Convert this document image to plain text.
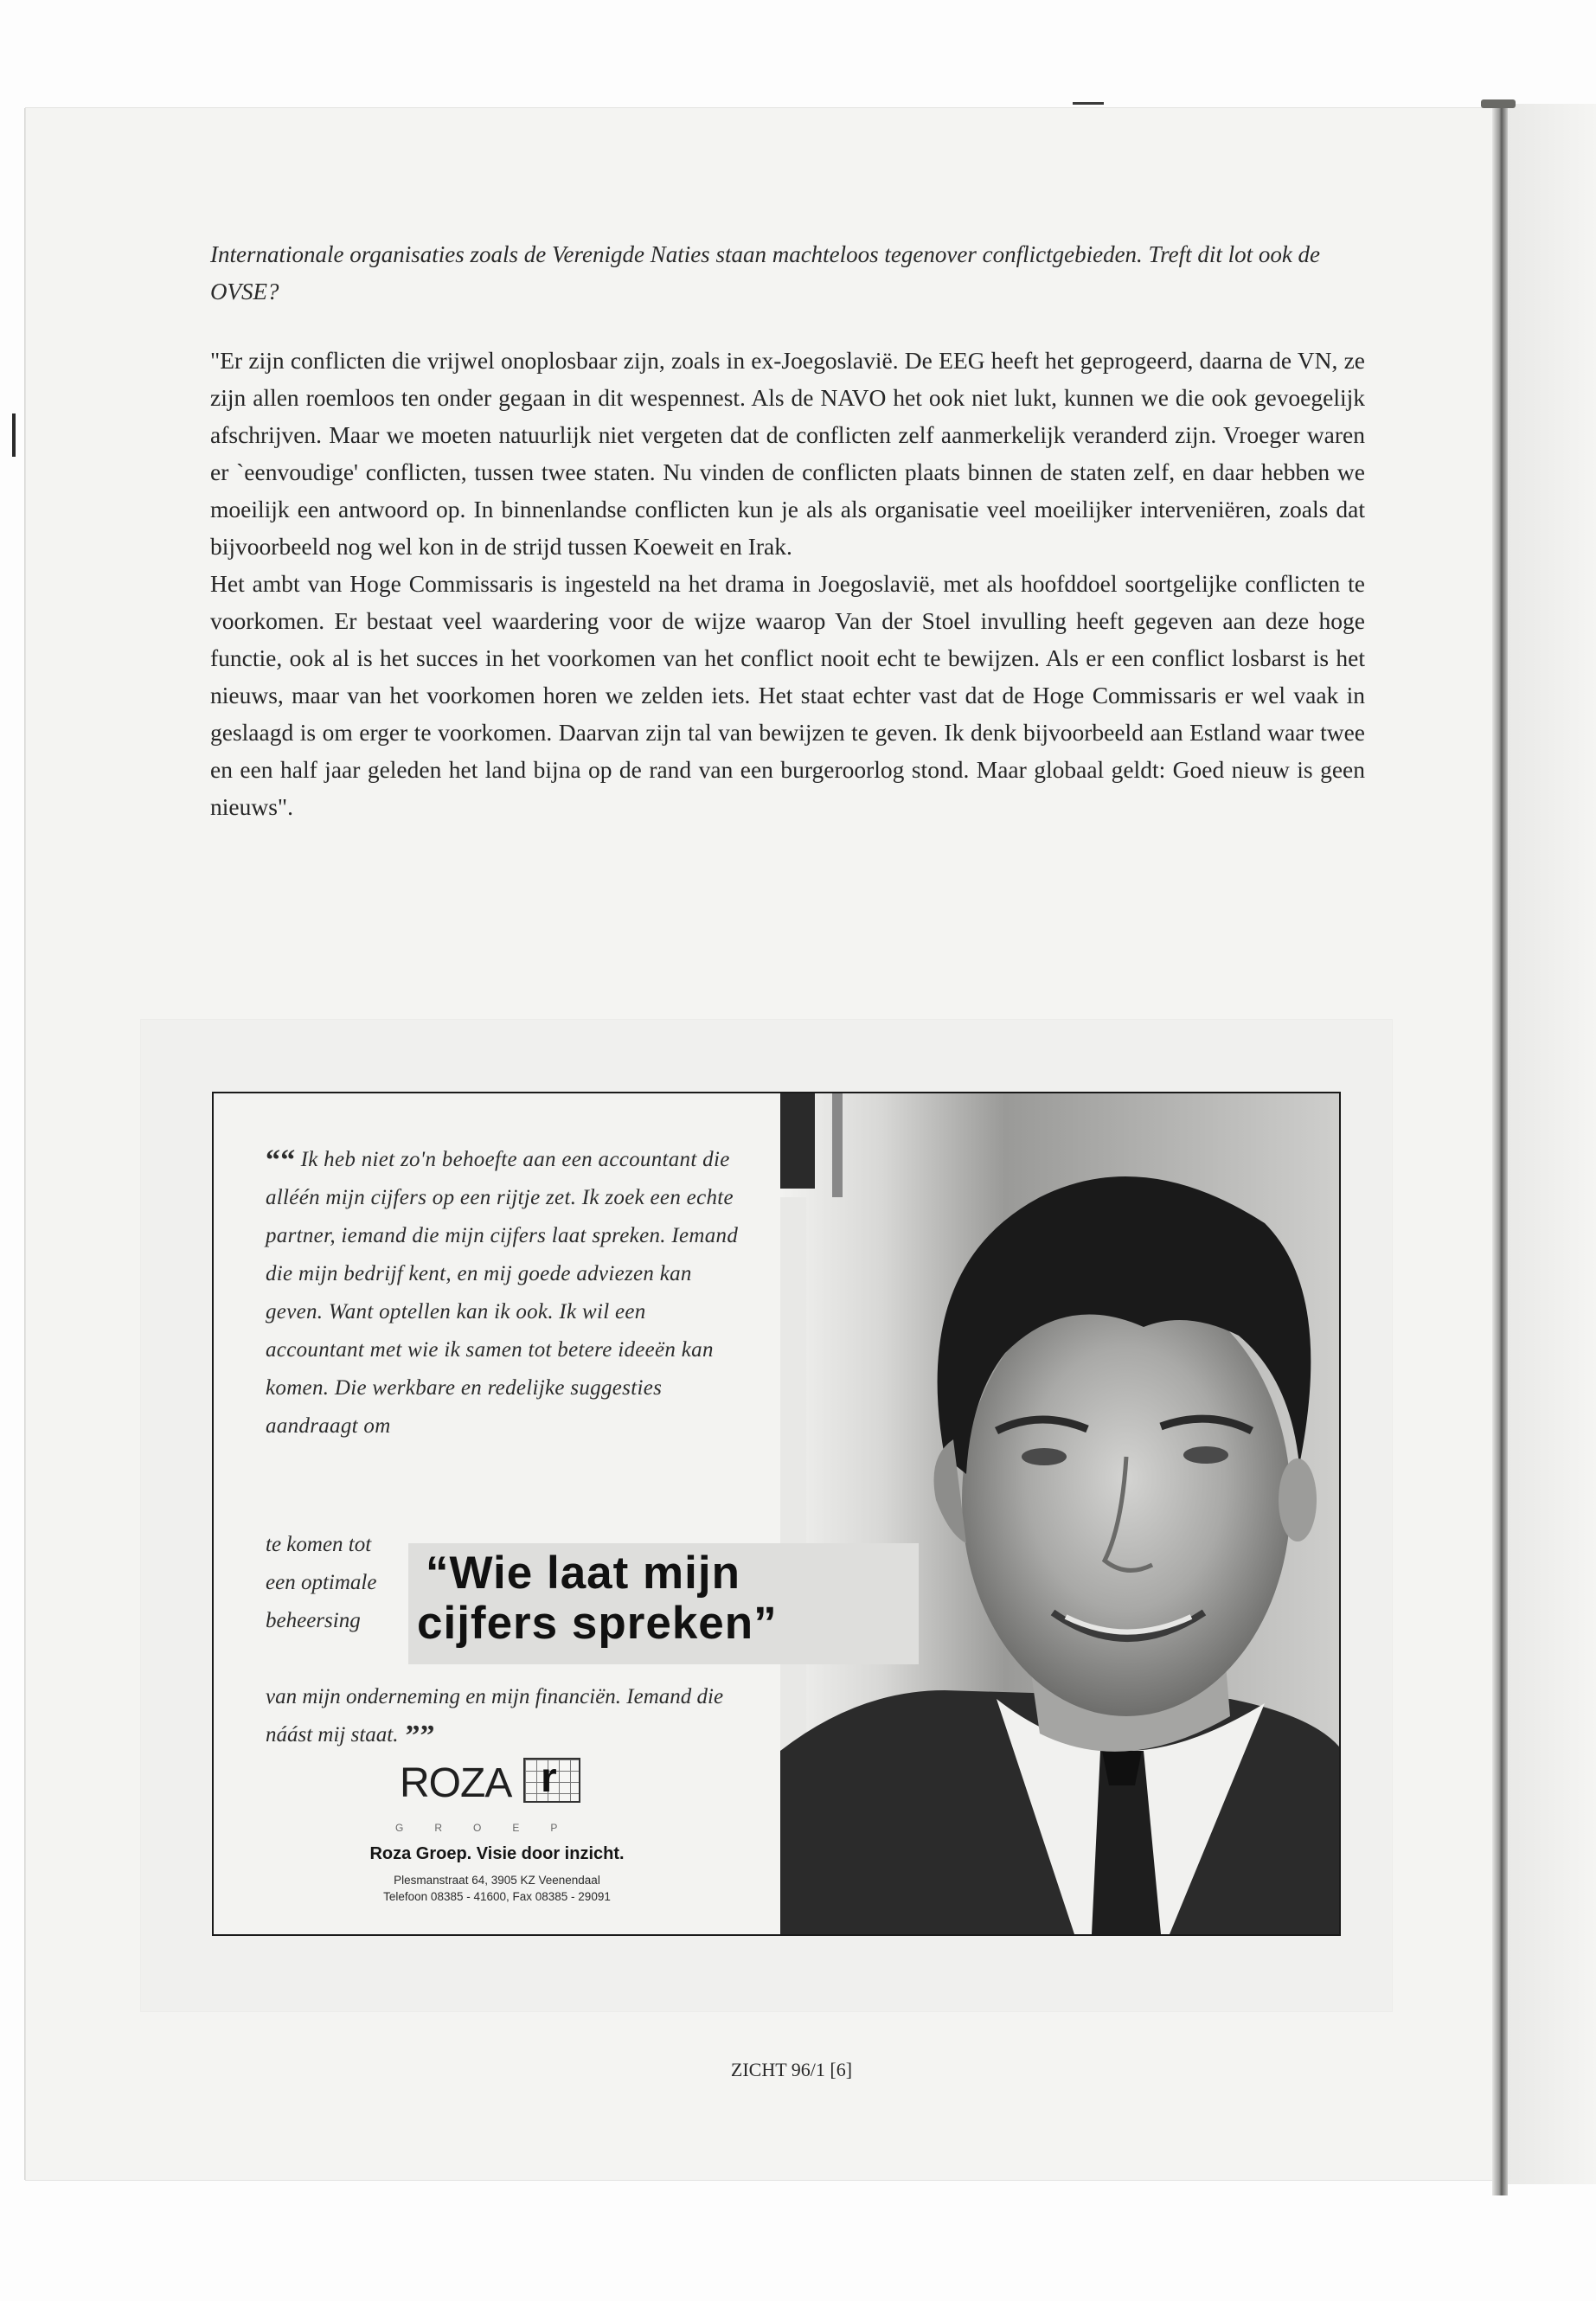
Internationale organisaties zoals de Verenigde Naties staan machteloos tegenover conflictgebieden. Treft dit lot ook de OVSE?

"Er zijn conflicten die vrijwel onoplosbaar zijn, zoals in ex-Joegoslavië. De EEG heeft het geprogeerd, daarna de VN, ze zijn allen roemloos ten onder gegaan in dit wespennest. Als de NAVO het ook niet lukt, kunnen we die ook gevoegelijk afschrijven. Maar we moeten natuurlijk niet vergeten dat de conflicten zelf aanmerkelijk veranderd zijn. Vroeger waren er `eenvoudige' conflicten, tussen twee staten. Nu vinden de conflicten plaats binnen de staten zelf, en daar hebben we moeilijk een antwoord op. In binnenlandse conflicten kun je als als organisatie veel moeilijker interveniëren, zoals dat bijvoorbeeld nog wel kon in de strijd tussen Koeweit en Irak.

Het ambt van Hoge Commissaris is ingesteld na het drama in Joegoslavië, met als hoofddoel soortgelijke conflicten te voorkomen. Er bestaat veel waardering voor de wijze waarop Van der Stoel invulling heeft gegeven aan deze hoge functie, ook al is het succes in het voorkomen van het conflict nooit echt te bewijzen. Als er een conflict losbarst is het nieuws, maar van het voorkomen horen we zelden iets. Het staat echter vast dat de Hoge Commissaris er wel vaak in geslaagd is om erger te voorkomen. Daarvan zijn tal van bewijzen te geven. Ik denk bijvoorbeeld aan Estland waar twee en een half jaar geleden het land bijna op de rand van een burgeroorlog stond. Maar globaal geldt: Goed nieuw is geen nieuws".

““ Ik heb niet zo'n behoefte aan een accountant die alléén mijn cijfers op een rijtje zet. Ik zoek een echte partner, iemand die mijn cijfers laat spreken. Iemand die mijn bedrijf kent, en mij goede adviezen kan geven. Want optellen kan ik ook. Ik wil een accountant met wie ik samen tot betere ideeën kan komen. Die werkbare en redelijke suggesties aandraagt om
te komen tot een optimale beheersing
van mijn onderneming en mijn financiën. Iemand die náást mij staat. ””
ROZA r
GROEP
Roza Groep. Visie door inzicht.
Plesmanstraat 64, 3905 KZ Veenendaal
Telefoon 08385 - 41600, Fax 08385 - 29091
“Wie laat mijn
cijfers spreken”
ZICHT 96/1 [6]
